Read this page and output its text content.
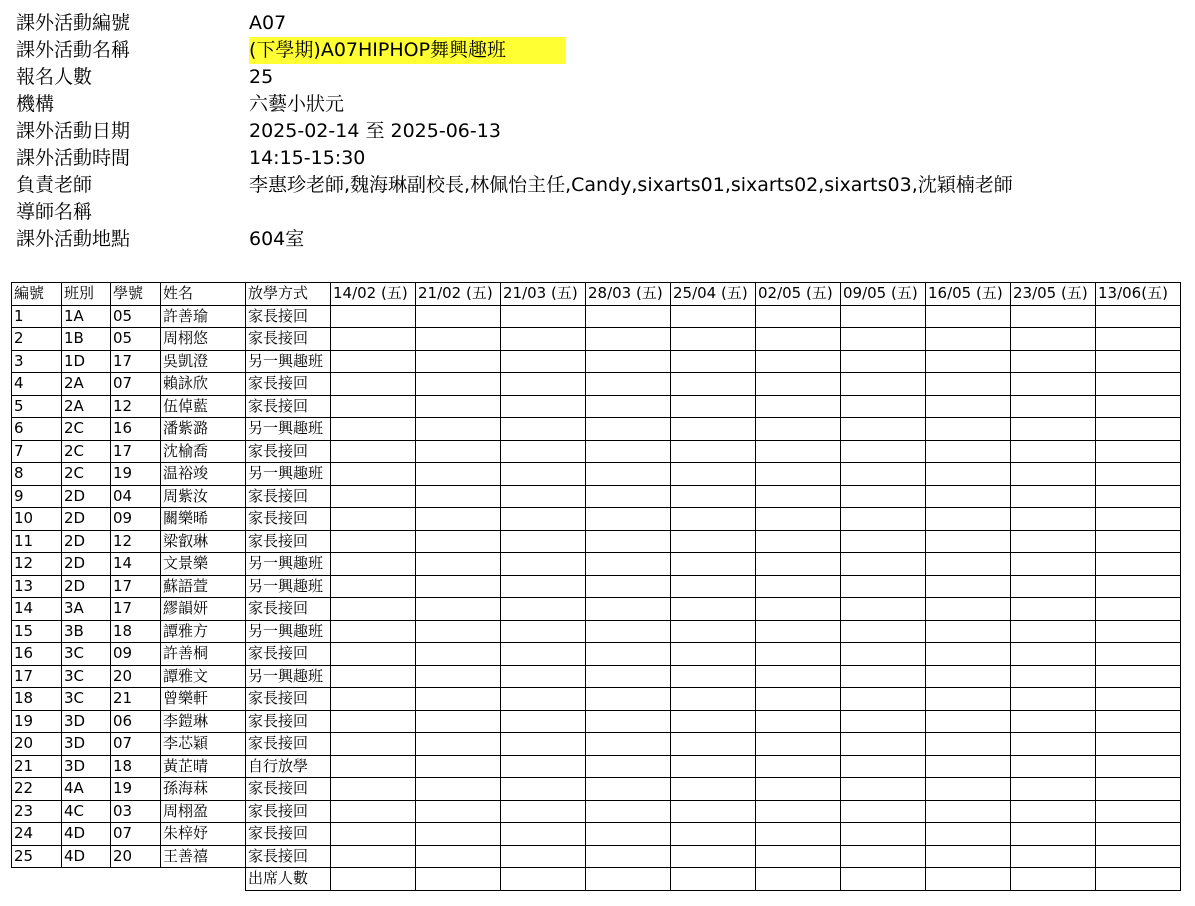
課外活動編號	A07
課外活動名稱	(下學期)A07HIPHOP舞興趣班
報名人數	25
機構	六藝小狀元
課外活動日期	2025-02-14 至 2025-06-13
課外活動時間	14:15-15:30
負責老師	李惠珍老師,魏海琳副校長,林佩怡主任,Candy,sixarts01,sixarts02,sixarts03,沈穎楠老師
導師名稱
課外活動地點	604室
編號	班別	學號	姓名	放學方式	14/02 (五)	21/02 (五)	21/03 (五)	28/03 (五)	25/04 (五)	02/05 (五)	09/05 (五)	16/05 (五)	23/05 (五)	13/06(五)
1	1A	05	許善瑜	家長接回										
2	1B	05	周栩悠	家長接回										
3	1D	17	吳凱澄	另一興趣班										
4	2A	07	賴詠欣	家長接回										
5	2A	12	伍倬藍	家長接回										
6	2C	16	潘紫潞	另一興趣班										
7	2C	17	沈榆喬	家長接回										
8	2C	19	温裕竣	另一興趣班										
9	2D	04	周紫汝	家長接回										
10	2D	09	關樂晞	家長接回										
11	2D	12	梁叡琳	家長接回										
12	2D	14	文景樂	另一興趣班										
13	2D	17	蘇語萱	另一興趣班										
14	3A	17	繆韻妍	家長接回										
15	3B	18	譚雅方	另一興趣班										
16	3C	09	許善桐	家長接回										
17	3C	20	譚雅文	另一興趣班										
18	3C	21	曾樂軒	家長接回										
19	3D	06	李鎧琳	家長接回										
20	3D	07	李芯穎	家長接回										
21	3D	18	黃芷晴	自行放學										
22	4A	19	孫海菻	家長接回										
23	4C	03	周栩盈	家長接回										
24	4D	07	朱梓妤	家長接回										
25	4D	20	王善禧	家長接回										
				出席人數										
